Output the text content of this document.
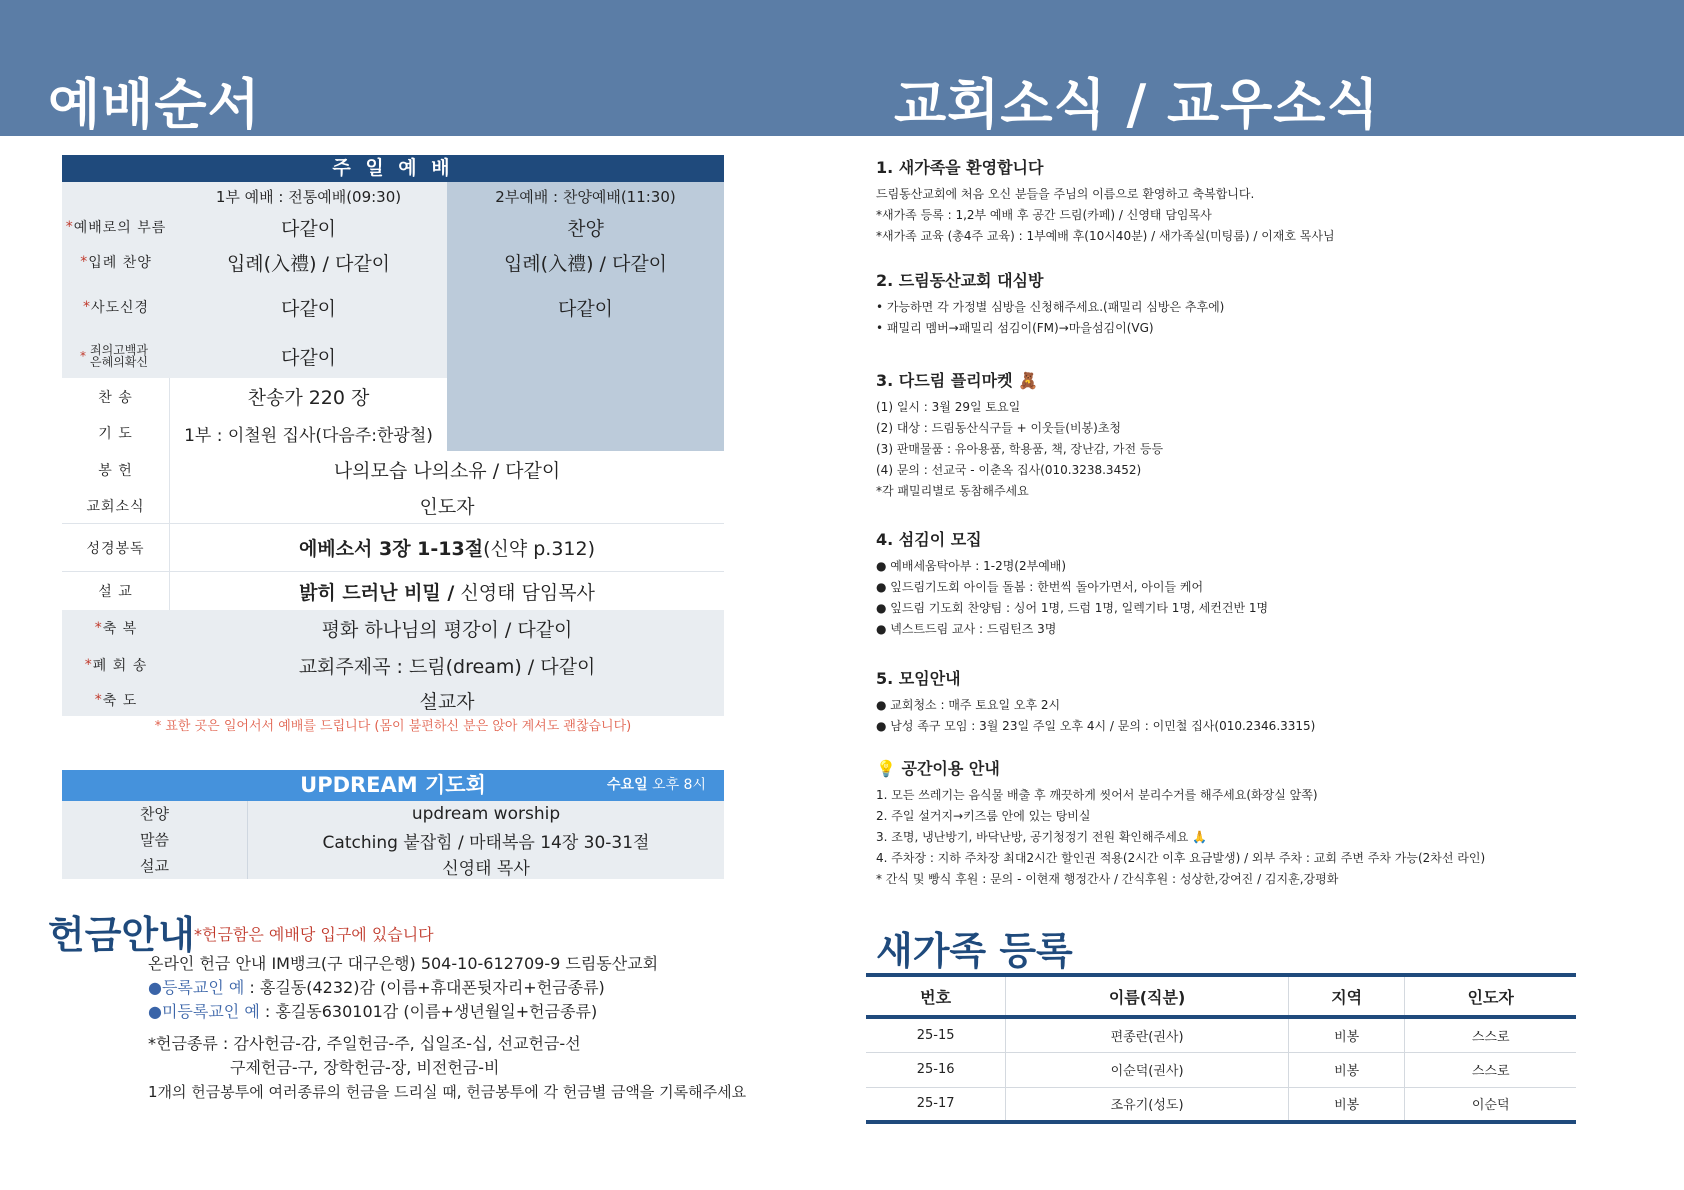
예배순서	교회소식 / 교우소식
주 일 예 배
1부 예배 : 전통예배(09:30)	2부예배 : 찬양예배(11:30)
* 예배로의 부름	다같이	찬양
* 입례 찬양	입례(入禮) / 다같이	입례(入禮) / 다같이
* 사도신경	다같이	다같이
* 죄의고백과 은혜의확신	다같이
찬 송	찬송가 220 장
기 도	1부 : 이철원 집사(다음주:한광철)
봉 헌	나의모습 나의소유 / 다같이
교회소식	인도자
성경봉독	에베소서 3장 1-13절 (신약 p.312)
설 교	밝히 드러난 비밀 /
신영태 담임목사
* 축 복	평화 하나님의 평강이 / 다같이
* 폐 회 송	교회주제곡 : 드림(dream) / 다같이
* 축 도	설교자
* 표한 곳은 일어서서 예배를 드립니다 (몸이 불편하신 분은 앉아 계셔도 괜찮습니다)
UPDREAM 기도회	수요일 오후 8시
찬양	updream worship
말씀	Catching 붙잡힘 / 마태복음 14장 30-31절
설교	신영태 목사
헌금안내 *헌금함은 예배당 입구에 있습니다
온라인 헌금 안내 IM뱅크(구 대구은행) 504-10-612709-9 드림동산교회
●등록교인 예 : 홍길동(4232)감 (이름+휴대폰뒷자리+헌금종류)
●미등록교인 예 : 홍길동630101감 (이름+생년월일+헌금종류)
*헌금종류 : 감사헌금-감, 주일헌금-주, 십일조-십, 선교헌금-선
구제헌금-구, 장학헌금-장, 비전헌금-비
1개의 헌금봉투에 여러종류의 헌금을 드리실 때, 헌금봉투에 각 헌금별 금액을 기록해주세요
1. 새가족을 환영합니다

드림동산교회에 처음 오신 분들을 주님의 이름으로 환영하고 축복합니다.

*새가족 등록 : 1,2부 예배 후 공간 드림(카페) / 신영태 담임목사

*새가족 교육 (총4주 교육) : 1부예배 후(10시40분) / 새가족실(미팅룸) / 이재호 목사님

2. 드림동산교회 대심방

• 가능하면 각 가정별 심방을 신청해주세요.(패밀리 심방은 추후에)

• 패밀리 멤버→패밀리 섬김이(FM)→마을섬김이(VG)

3. 다드림 플리마켓 🧸

(1) 일시 : 3월 29일 토요일

(2) 대상 : 드림동산식구들 + 이웃들(비봉)초청

(3) 판매물품 : 유아용품, 학용품, 책, 장난감, 가전 등등

(4) 문의 : 선교국 - 이춘옥 집사(010.3238.3452)

*각 패밀리별로 동참해주세요

4. 섬김이 모집

● 예배세움탁아부 : 1-2명(2부예배)

● 잎드림기도회 아이들 돌봄 : 한번씩 돌아가면서, 아이들 케어

● 잎드림 기도회 찬양팀 : 싱어 1명, 드럼 1명, 일렉기타 1명, 세컨건반 1명

● 넥스트드림 교사 : 드림틴즈 3명

5. 모임안내

● 교회청소 : 매주 토요일 오후 2시

● 남성 족구 모임 : 3월 23일 주일 오후 4시 / 문의 : 이민철 집사(010.2346.3315)

💡 공간이용 안내

1. 모든 쓰레기는 음식물 배출 후 깨끗하게 씻어서 분리수거를 해주세요(화장실 앞쪽)

2. 주일 설거지→키즈룸 안에 있는 탕비실

3. 조명, 냉난방기, 바닥난방, 공기청정기 전원 확인해주세요 🙏

4. 주차장 : 지하 주차장 최대2시간 할인권 적용(2시간 이후 요금발생) / 외부 주차 : 교회 주변 주차 가능(2차선 라인)

* 간식 및 빵식 후원 : 문의 - 이현재 행정간사 / 간식후원 : 성상한,강여진 / 김지훈,강평화

새가족 등록
번호	이름(직분)	지역	인도자
25-15	편종란(권사)	비봉	스스로
25-16	이순덕(권사)	비봉	스스로
25-17	조유기(성도)	비봉	이순덕
